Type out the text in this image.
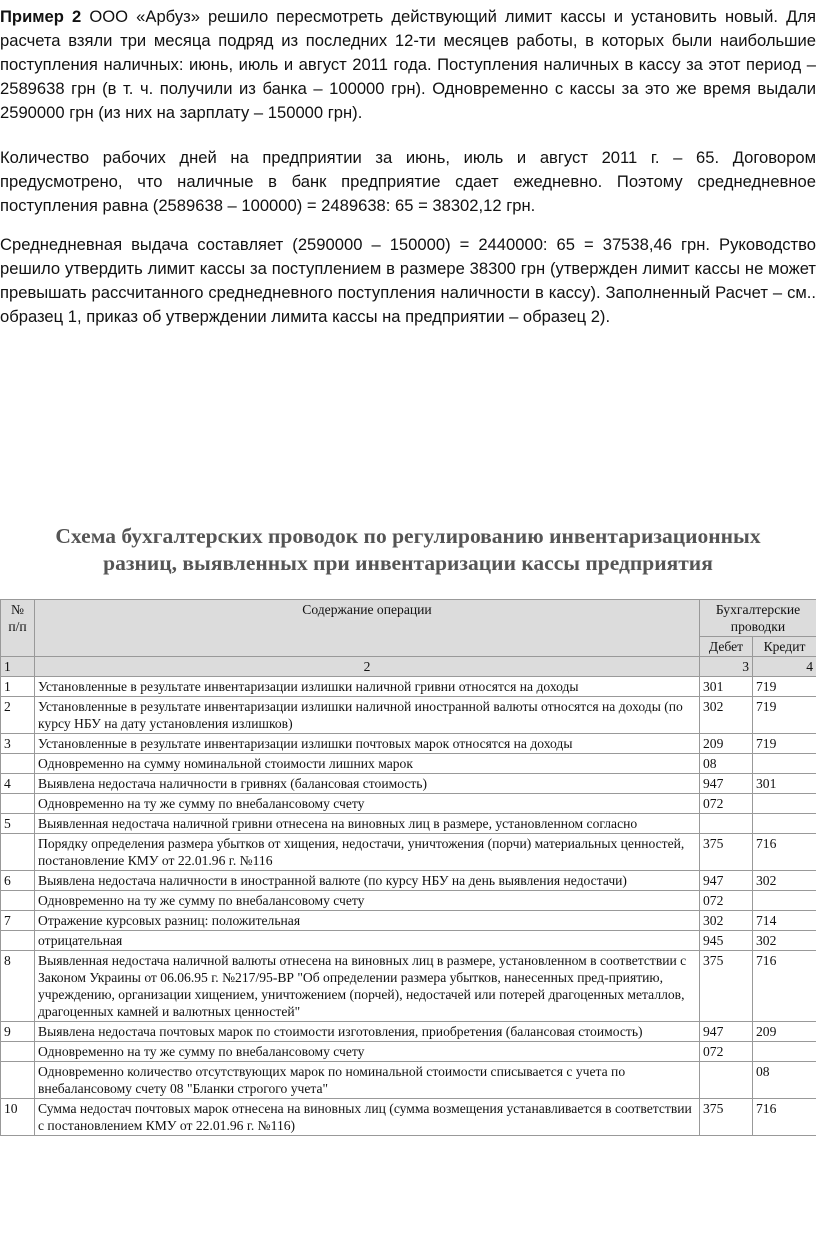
Пример 2 ООО «Арбуз» решило пересмотреть действующий лимит кассы и установить новый. Для расчета взяли три месяца подряд из последних 12-ти месяцев работы, в которых были наибольшие поступления наличных: июнь, июль и август 2011 года. Поступления наличных в кассу за этот период – 2589638 грн (в т. ч. получили из банка – 100000 грн). Одновременно с кассы за это же время выдали 2590000 грн (из них на зарплату – 150000 грн).

Количество рабочих дней на предприятии за июнь, июль и август 2011 г. – 65. Договором предусмотрено, что наличные в банк предприятие сдает ежедневно. Поэтому среднедневное поступления равна (2589638 – 100000) = 2489638: 65 = 38302,12 грн.

Среднедневная выдача составляет (2590000 – 150000) = 2440000: 65 = 37538,46 грн. Руководство решило утвердить лимит кассы за поступлением в размере 38300 грн (утвержден лимит кассы не может превышать рассчитанного среднедневного поступления наличности в кассу). Заполненный Расчет – см.. образец 1, приказ об утверждении лимита кассы на предприятии – образец 2).

Схема бухгалтерских проводок по регулированию инвентаризационных
разниц, выявленных при инвентаризации кассы предприятия
№ п/п	Содержание операции	Бухгалтерские проводки	
		Дебет	Кредит
1	2	3	4
1	Установленные в результате инвентаризации излишки наличной гривни относятся на доходы	301	719
2	Установленные в результате инвентаризации излишки наличной иностранной валюты относятся на доходы (по курсу НБУ на дату установления излишков)	302	719
3	Установленные в результате инвентаризации излишки почтовых марок относятся на доходы	209	719
	Одновременно на сумму номинальной стоимости лишних марок	08	
4	Выявлена недостача наличности в гривнях (балансовая стоимость)	947	301
	Одновременно на ту же сумму по внебалансовому счету	072	
5	Выявленная недостача наличной гривни отнесена на виновных лиц в размере, установленном согласно		
	Порядку определения размера убытков от хищения, недостачи, уничтожения (порчи) материальных ценностей, постановление КМУ от 22.01.96 г. №116	375	716
6	Выявлена недостача наличности в иностранной валюте (по курсу НБУ на день выявления недостачи)	947	302
	Одновременно на ту же сумму по внебалансовому счету	072	
7	Отражение курсовых разниц: положительная	302	714
	отрицательная	945	302
8	Выявленная недостача наличной валюты отнесена на виновных лиц в размере, установленном в соответствии с Законом Украины от 06.06.95 г. №217/95-ВР "Об определении размера убытков, нанесенных пред-приятию, учреждению, организации хищением, уничтожением (порчей), недостачей или потерей драгоценных металлов, драгоценных камней и валютных ценностей"	375	716
9	Выявлена недостача почтовых марок по стоимости изготовления, приобретения (балансовая стоимость)	947	209
	Одновременно на ту же сумму по внебалансовому счету	072	
	Одновременно количество отсутствующих марок по номинальной стоимости списывается с учета по внебалансовому счету 08 "Бланки строгого учета"		08
10	Сумма недостач почтовых марок отнесена на виновных лиц (сумма возмещения устанавливается в соответствии с постановлением КМУ от 22.01.96 г. №116)	375	716
